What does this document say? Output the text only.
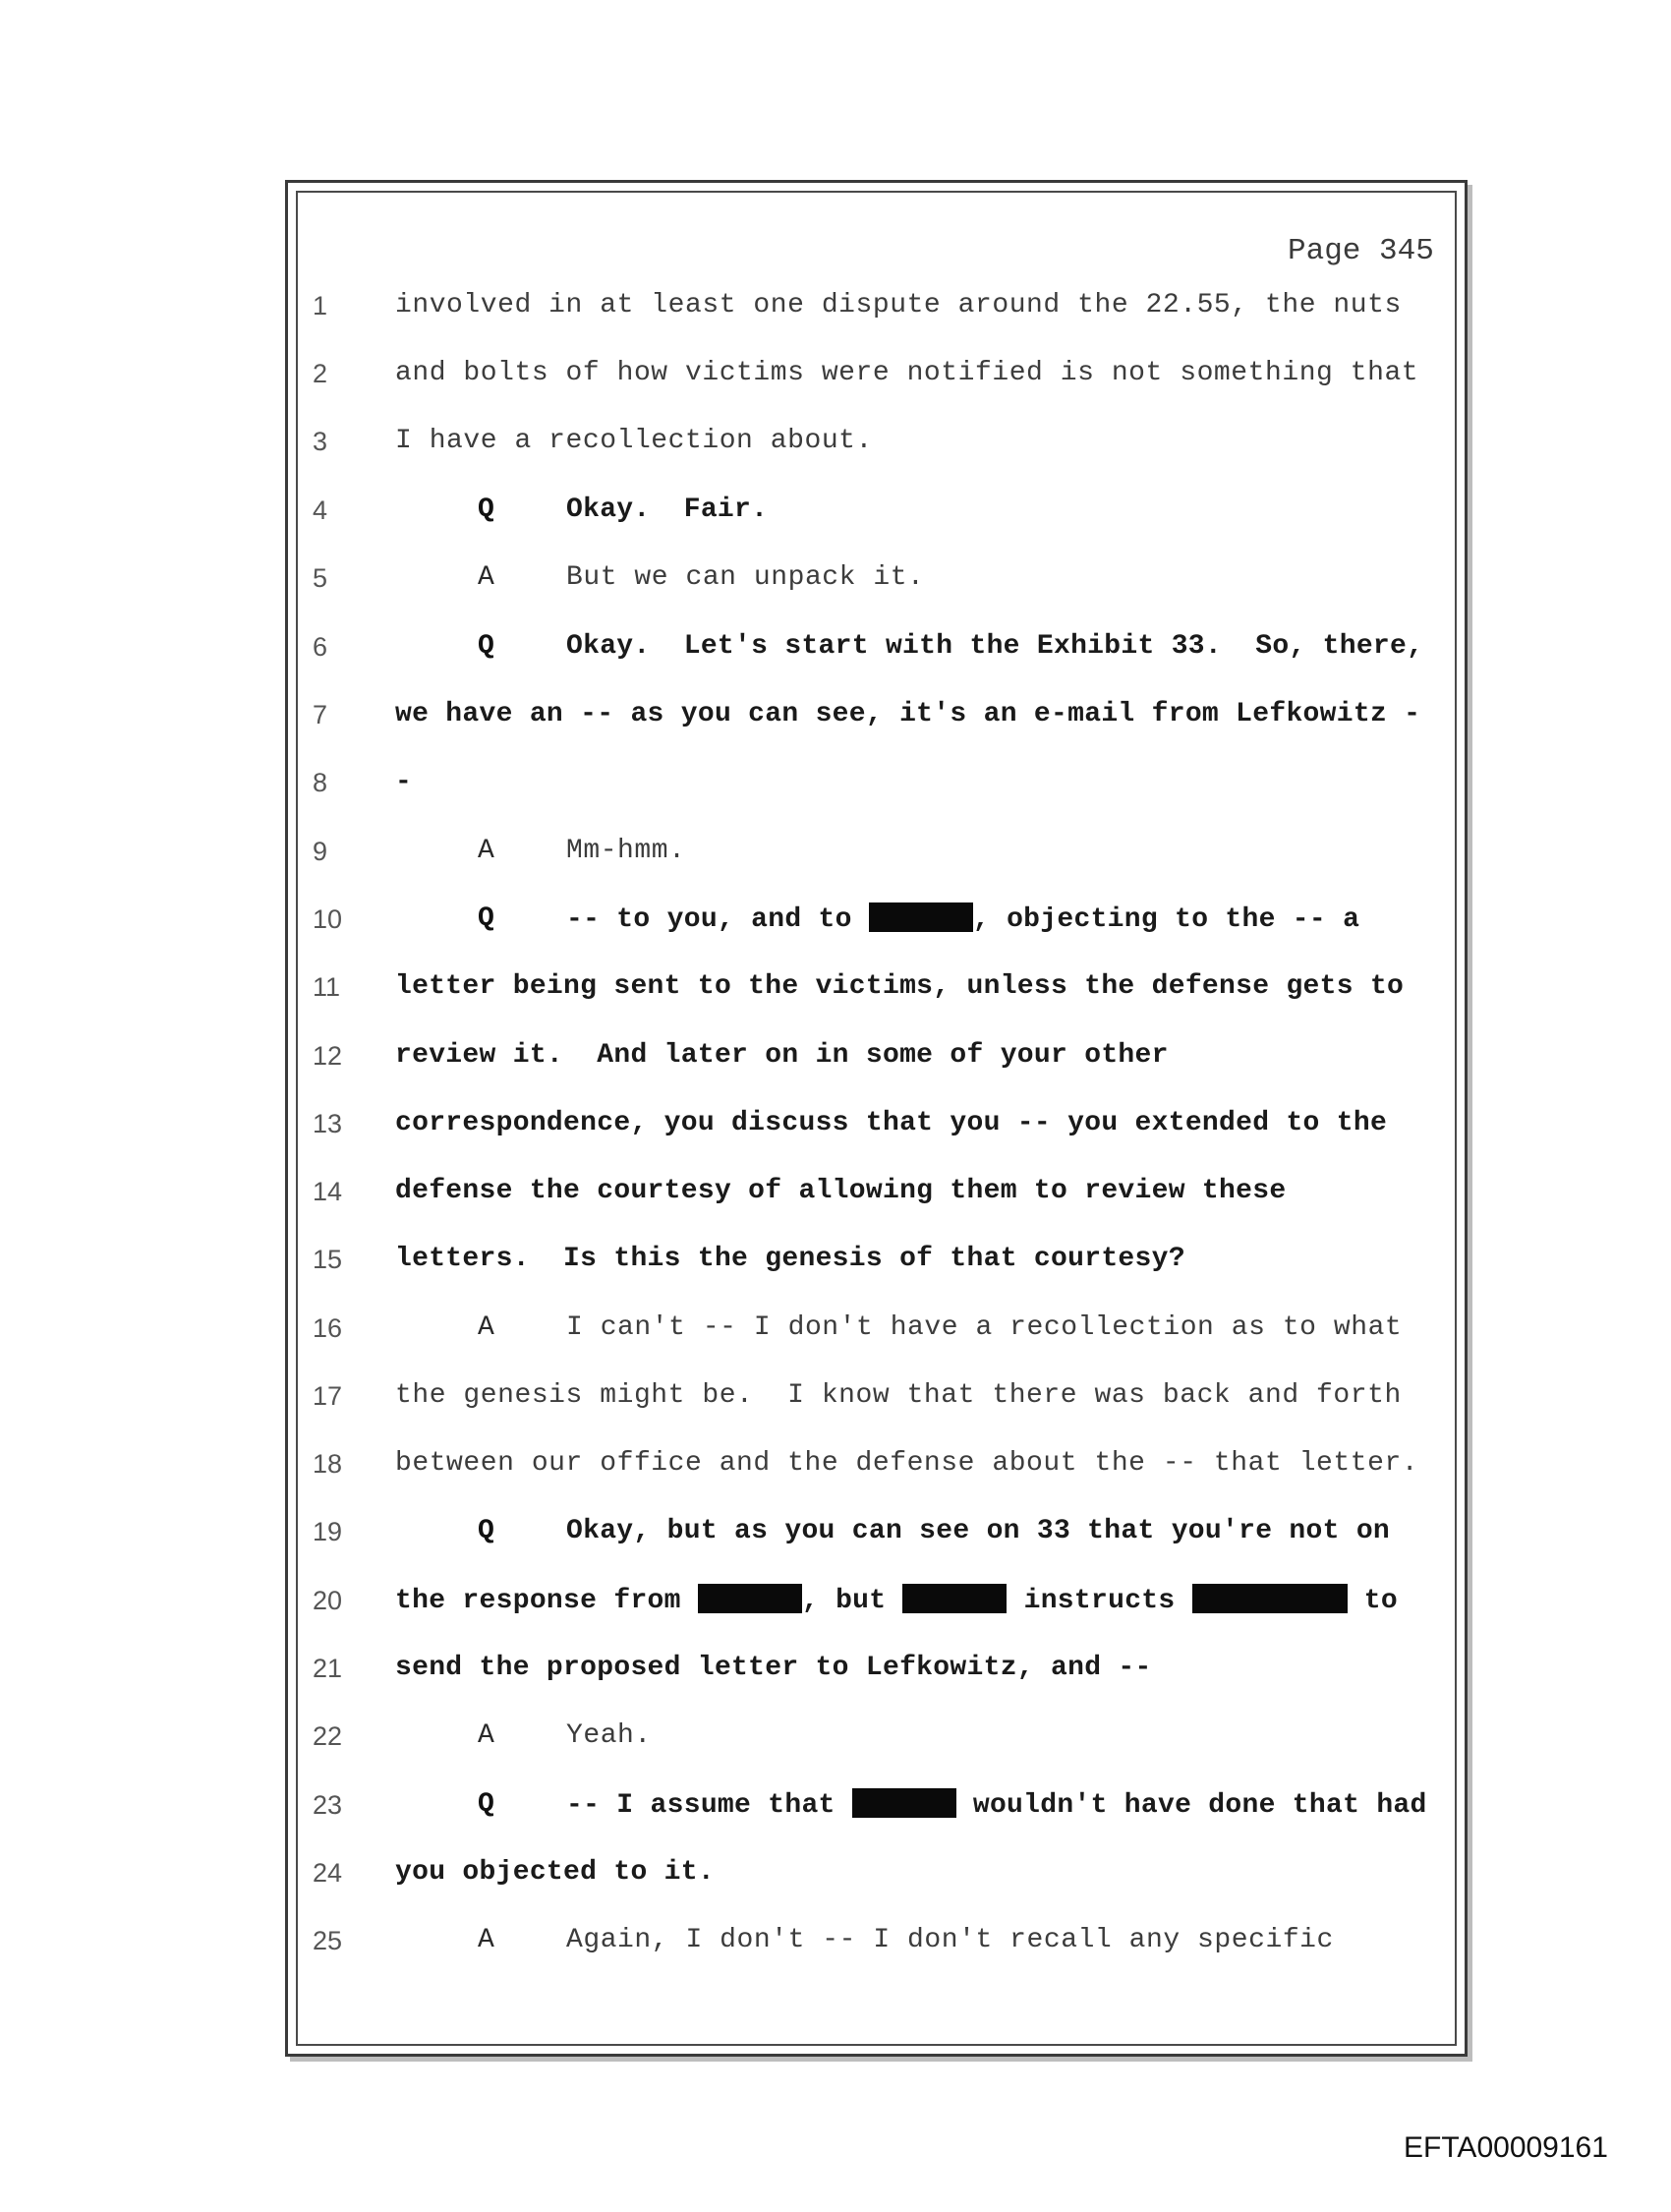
Page 345
1	involved in at least one dispute around the 22.55, the nuts
2	and bolts of how victims were notified is not something that
3	I have a recollection about.
4	Q	Okay.  Fair.
5	A	But we can unpack it.
6	Q	Okay.  Let's start with the Exhibit 33.  So, there,
7	we have an -- as you can see, it's an e-mail from Lefkowitz -
8	-
9	A	Mm-hmm.
10	Q	-- to you, and to	, objecting to the -- a
11	letter being sent to the victims, unless the defense gets to
12	review it.  And later on in some of your other
13	correspondence, you discuss that you -- you extended to the
14	defense the courtesy of allowing them to review these
15	letters.  Is this the genesis of that courtesy?
16	A	I can't -- I don't have a recollection as to what
17	the genesis might be.  I know that there was back and forth
18	between our office and the defense about the -- that letter.
19	Q	Okay, but as you can see on 33 that you're not on
20	the response from	, but	instructs	to
21	send the proposed letter to Lefkowitz, and --
22	A	Yeah.
23	Q	-- I assume that	wouldn't have done that had
24	you objected to it.
25	A	Again, I don't -- I don't recall any specific
EFTA00009161
